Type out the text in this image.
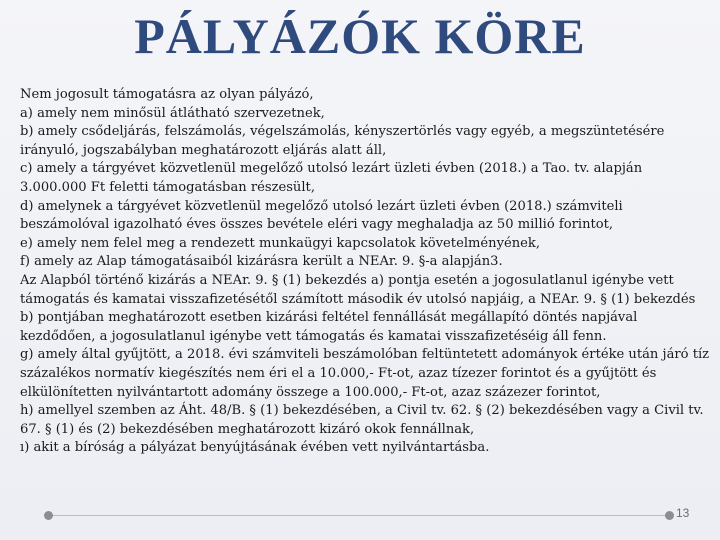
PÁLYÁZÓK KÖRE
Nem jogosult támogatásra az olyan pályázó,
a) amely nem minősül átlátható szervezetnek,
b) amely csődeljárás, felszámolás, végelszámolás, kényszertörlés vagy egyéb, a megszüntetésére irányuló, jogszabályban meghatározott eljárás alatt áll,
c) amely a tárgyévet közvetlenül megelőző utolsó lezárt üzleti évben (2018.) a Tao. tv. alapján 3.000.000 Ft feletti támogatásban részesült,
d) amelynek a tárgyévet közvetlenül megelőző utolsó lezárt üzleti évben (2018.) számviteli beszámolóval igazolható éves összes bevétele eléri vagy meghaladja az 50 millió forintot,
e) amely nem felel meg a rendezett munkaügyi kapcsolatok követelményének,
f) amely az Alap támogatásaiból kizárásra került a NEAr. 9. §-a alapján3.
Az Alapból történő kizárás a NEAr. 9. § (1) bekezdés a) pontja esetén a jogosulatlanul igénybe vett támogatás és kamatai visszafizetésétől számított második év utolsó napjáig, a NEAr. 9. § (1) bekezdés b) pontjában meghatározott esetben kizárási feltétel fennállását megállapító döntés napjával kezdődően, a jogosulatlanul igénybe vett támogatás és kamatai visszafizetéséig áll fenn.
g) amely által gyűjtött, a 2018. évi számviteli beszámolóban feltüntetett adományok értéke után járó tíz százalékos normatív kiegészítés nem éri el a 10.000,- Ft-ot, azaz tízezer forintot és a gyűjtött és elkülönítetten nyilvántartott adomány összege a 100.000,- Ft-ot, azaz százezer forintot,
h) amellyel szemben az Áht. 48/B. § (1) bekezdésében, a Civil tv. 62. § (2) bekezdésében vagy a Civil tv. 67. § (1) és (2) bekezdésében meghatározott kizáró okok fennállnak,
ı) akit a bíróság a pályázat benyújtásának évében vett nyilvántartásba.
13
